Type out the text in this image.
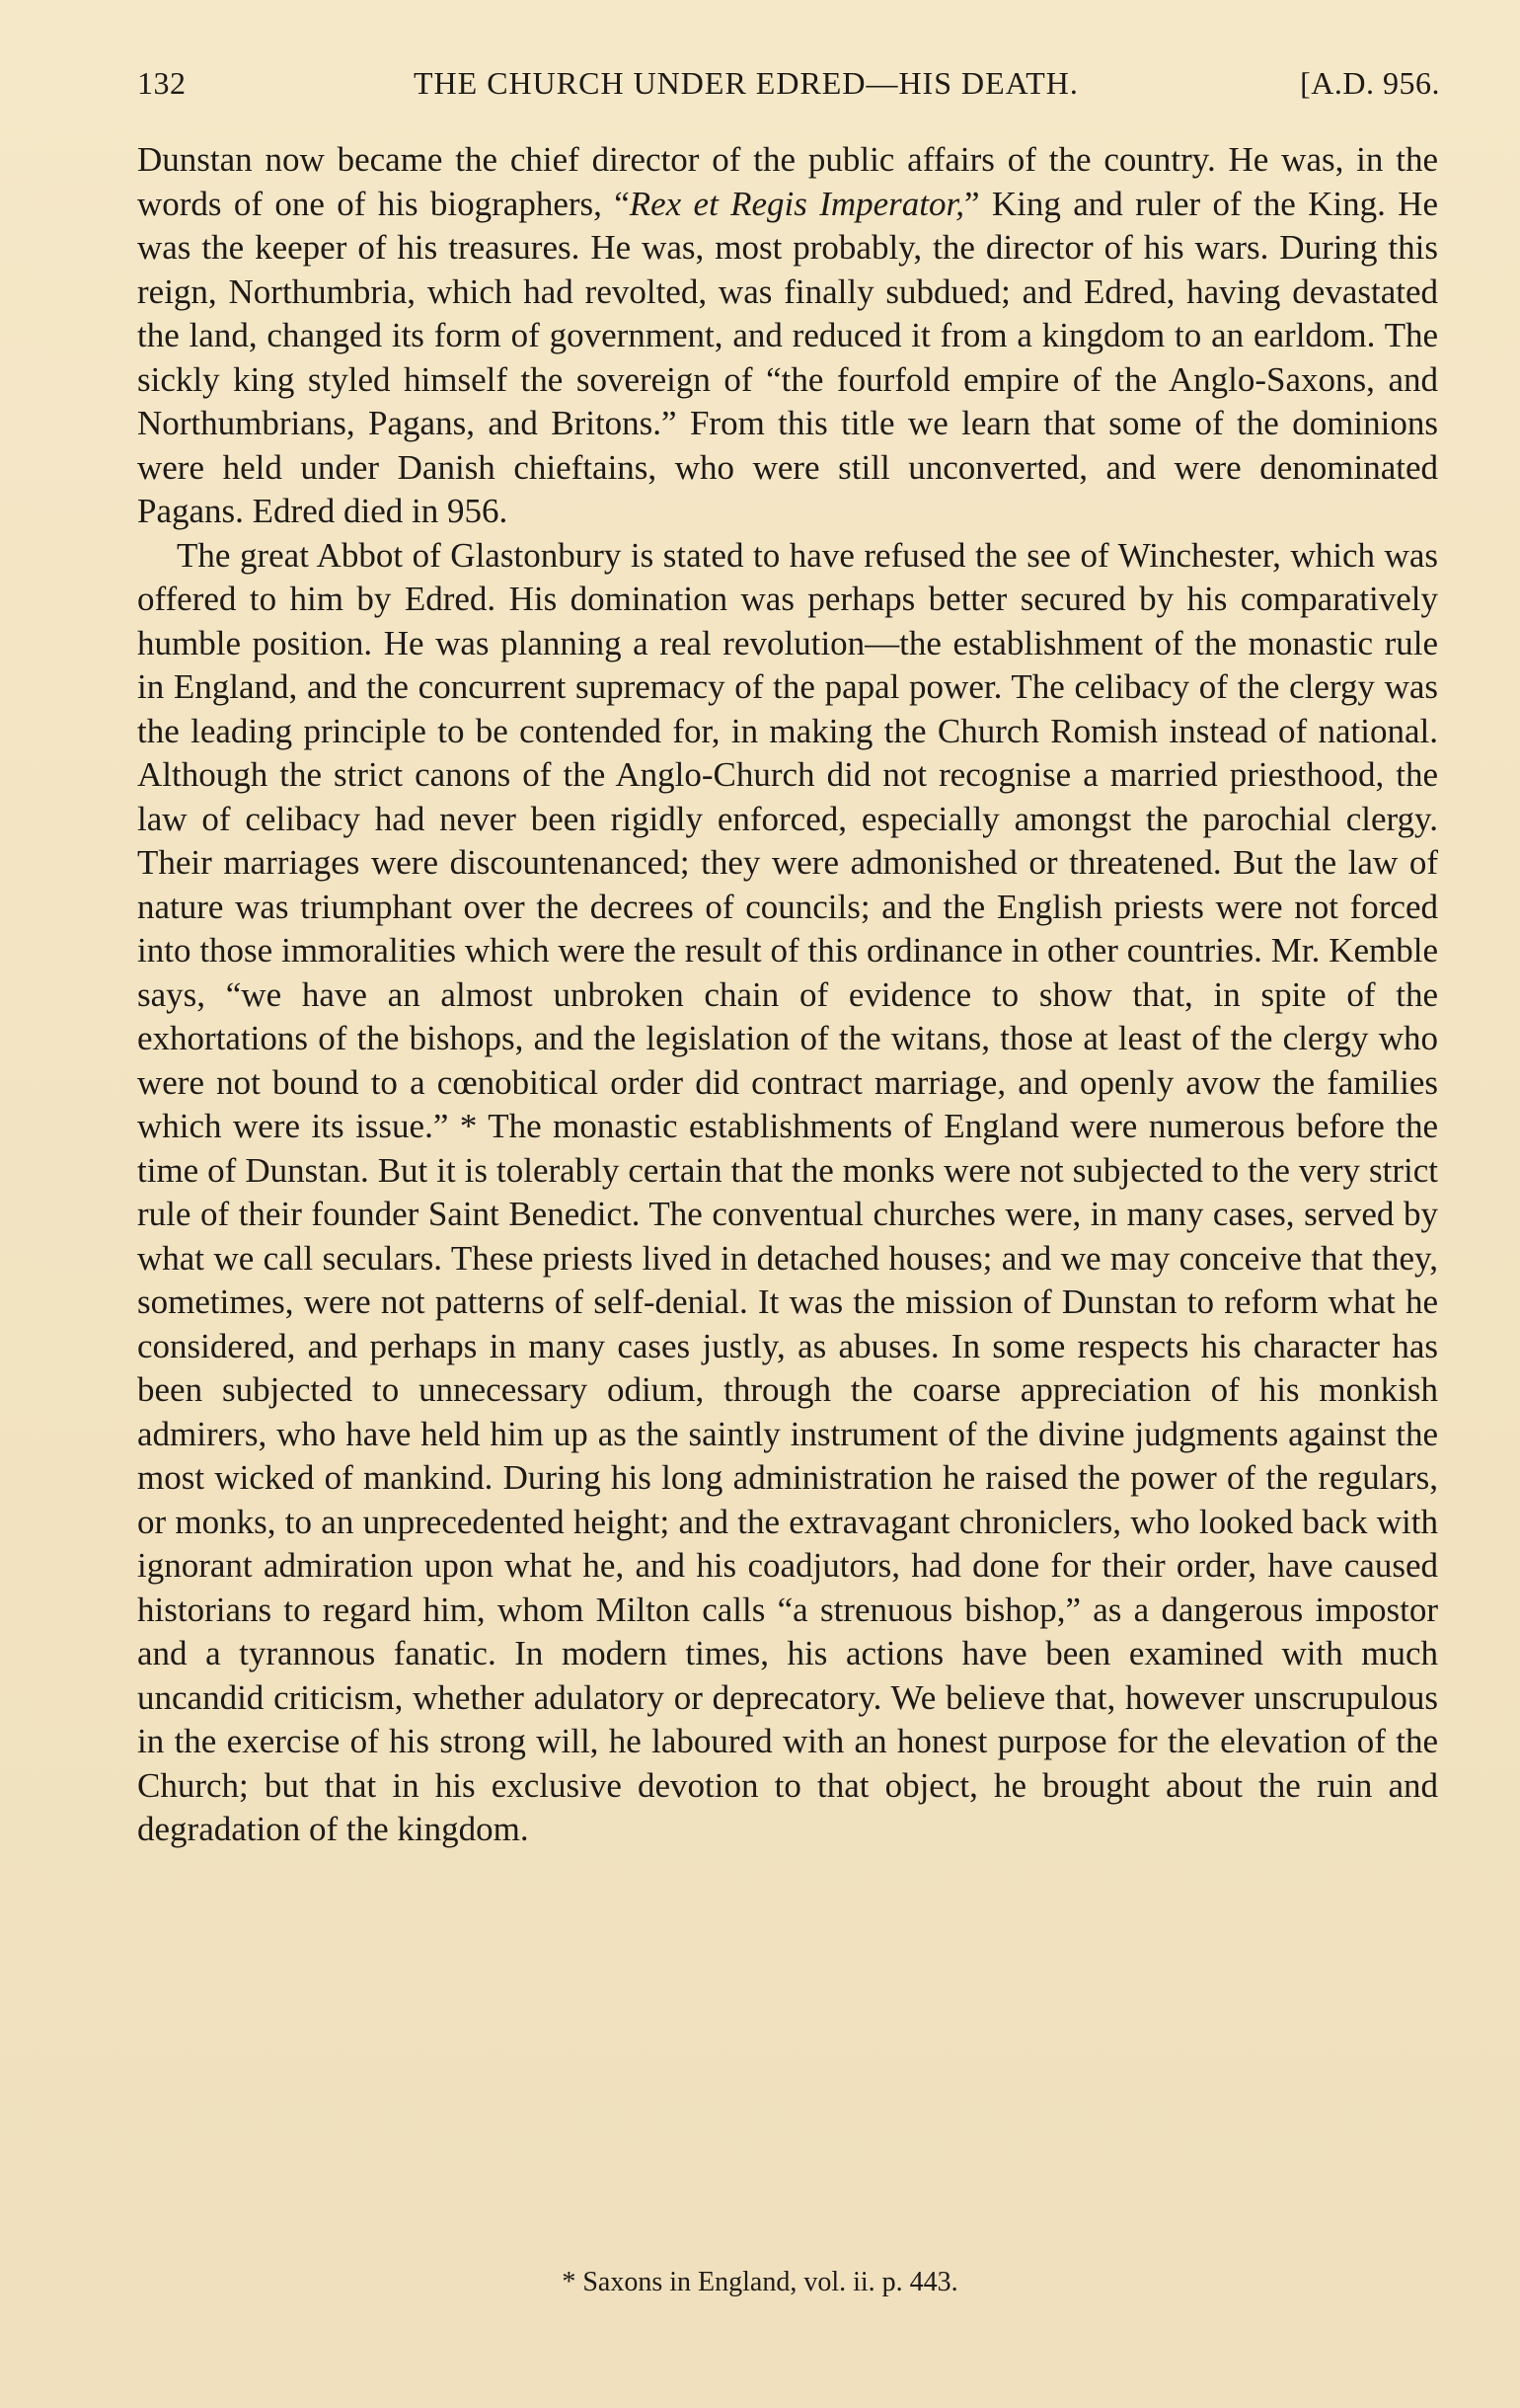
132	THE CHURCH UNDER EDRED—HIS DEATH.	[A.D. 956.

Dunstan now became the chief director of the public affairs of the country. He was, in the words of one of his biographers, “Rex et Regis Imperator,” King and ruler of the King. He was the keeper of his treasures. He was, most probably, the director of his wars. During this reign, Northumbria, which had revolted, was finally subdued; and Edred, having devastated the land, changed its form of government, and reduced it from a kingdom to an earldom. The sickly king styled himself the sovereign of “the fourfold empire of the Anglo-Saxons, and Northumbrians, Pagans, and Britons.” From this title we learn that some of the dominions were held under Danish chieftains, who were still unconverted, and were denominated Pagans. Edred died in 956.

The great Abbot of Glastonbury is stated to have refused the see of Winchester, which was offered to him by Edred. His domination was perhaps better secured by his comparatively humble position. He was planning a real revolution—the establishment of the monastic rule in England, and the concurrent supremacy of the papal power. The celibacy of the clergy was the leading principle to be contended for, in making the Church Romish instead of national. Although the strict canons of the Anglo-Church did not recognise a married priesthood, the law of celibacy had never been rigidly enforced, especially amongst the parochial clergy. Their marriages were discountenanced; they were admonished or threatened. But the law of nature was triumphant over the decrees of councils; and the English priests were not forced into those immoralities which were the result of this ordinance in other countries. Mr. Kemble says, “we have an almost unbroken chain of evidence to show that, in spite of the exhortations of the bishops, and the legislation of the witans, those at least of the clergy who were not bound to a cœnobitical order did contract marriage, and openly avow the families which were its issue.” * The monastic establishments of England were numerous before the time of Dunstan. But it is tolerably certain that the monks were not subjected to the very strict rule of their founder Saint Benedict. The conventual churches were, in many cases, served by what we call seculars. These priests lived in detached houses; and we may conceive that they, sometimes, were not patterns of self-denial. It was the mission of Dunstan to reform what he considered, and perhaps in many cases justly, as abuses. In some respects his character has been subjected to unnecessary odium, through the coarse appreciation of his monkish admirers, who have held him up as the saintly instrument of the divine judgments against the most wicked of mankind. During his long administration he raised the power of the regulars, or monks, to an unprecedented height; and the extravagant chroniclers, who looked back with ignorant admiration upon what he, and his coadjutors, had done for their order, have caused historians to regard him, whom Milton calls “a strenuous bishop,” as a dangerous impostor and a tyrannous fanatic. In modern times, his actions have been examined with much uncandid criticism, whether adulatory or deprecatory. We believe that, however unscrupulous in the exercise of his strong will, he laboured with an honest purpose for the elevation of the Church; but that in his exclusive devotion to that object, he brought about the ruin and degradation of the kingdom.

* Saxons in England, vol. ii. p. 443.
